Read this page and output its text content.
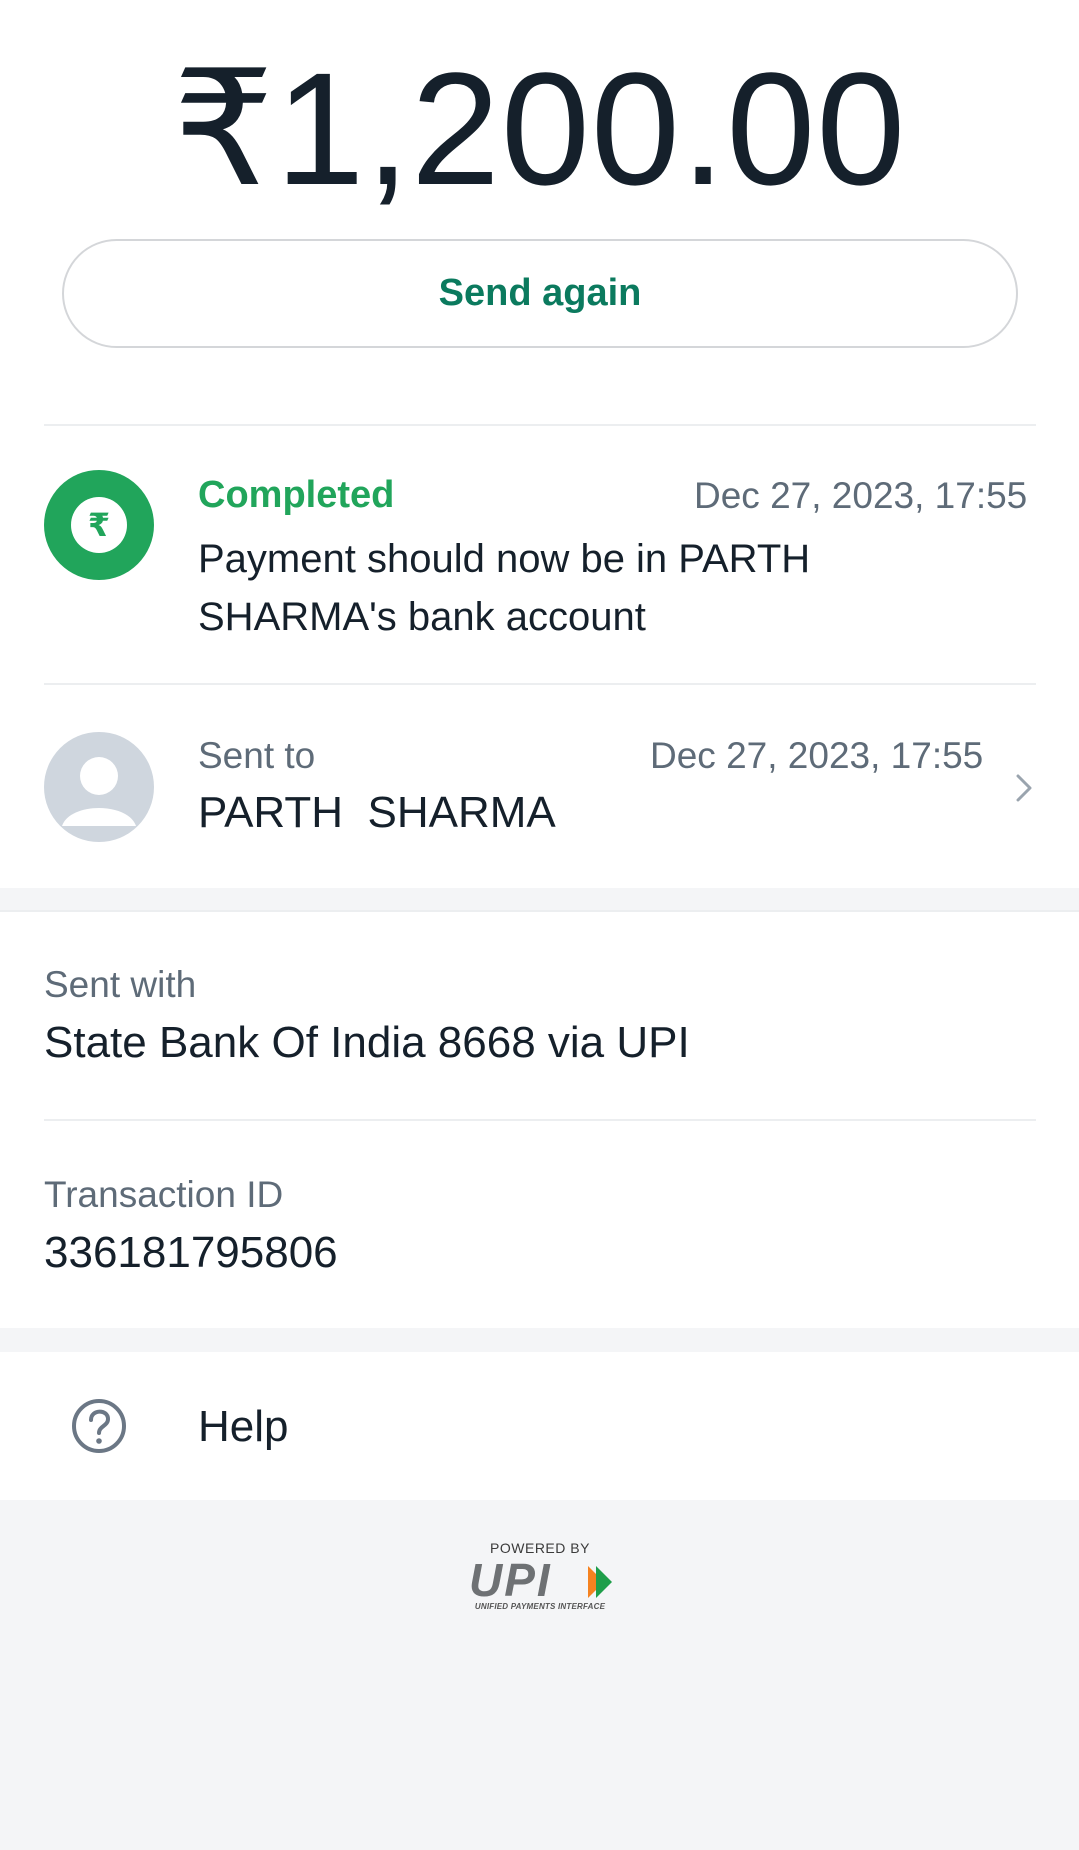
₹1,200.00
Send again
₹
Completed	Dec 27, 2023, 17:55
Payment should now be in PARTH
SHARMA's bank account
Sent to	Dec 27, 2023, 17:55
PARTH  SHARMA
Sent with
State Bank Of India 8668 via UPI
Transaction ID
336181795806
Help
POWERED BY
UPI
UNIFIED PAYMENTS INTERFACE
